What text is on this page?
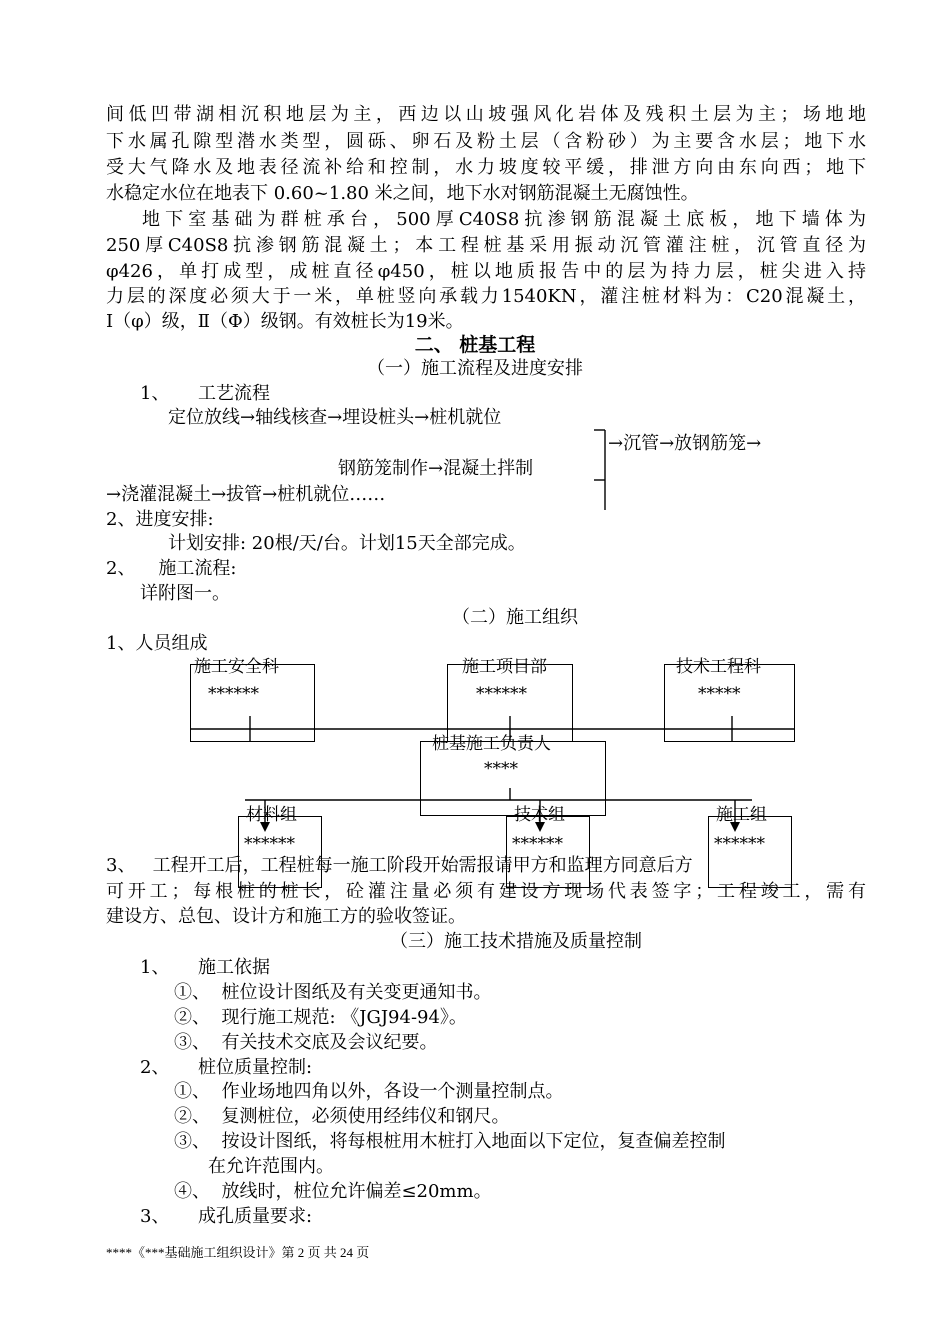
间低凹带湖相沉积地层为主，西边以山坡强风化岩体及残积土层为主；场地地
下水属孔隙型潜水类型，圆砾、卵石及粉土层（含粉砂）为主要含水层；地下水
受大气降水及地表径流补给和控制，水力坡度较平缓，排泄方向由东向西；地下
水稳定水位在地表下 0.60~1.80 米之间，地下水对钢筋混凝土无腐蚀性。
地下室基础为群桩承台，500厚C40S8抗渗钢筋混凝土底板，地下墙体为
250厚C40S8抗渗钢筋混凝土；本工程桩基采用振动沉管灌注桩，沉管直径为
φ426，单打成型，成桩直径φ450，桩以地质报告中的层为持力层，桩尖进入持
力层的深度必须大于一米，单桩竖向承载力1540KN，灌注桩材料为：C20混凝土，
Ⅰ（φ）级，Ⅱ（Φ）级钢。有效桩长为19米。
二、 桩基工程
（一）施工流程及进度安排
1、     工艺流程
定位放线→轴线核查→埋设桩头→桩机就位
→沉管→放钢筋笼→
钢筋笼制作→混凝土拌制
→浇灌混凝土→拔管→桩机就位……
2、进度安排:
计划安排: 20根/天/台。计划15天全部完成。
2、    施工流程:
详附图一。
（二）施工组织
1、人员组成
施工安全科
******
施工项目部
******
技术工程科
*****
桩基施工负责人
****
材料组
******
技术组
******
施工组
******
3、   工程开工后，工程桩每一施工阶段开始需报请甲方和监理方同意后方
可开工；每根桩的桩长，砼灌注量必须有建设方现场代表签字；工程竣工，需有
建设方、总包、设计方和施工方的验收签证。
（三）施工技术措施及质量控制
1、     施工依据
①、  桩位设计图纸及有关变更通知书。
②、  现行施工规范: 《JGJ94-94》。
③、  有关技术交底及会议纪要。
2、     桩位质量控制:
①、  作业场地四角以外，各设一个测量控制点。
②、  复测桩位，必须使用经纬仪和钢尺。
③、  按设计图纸，将每根桩用木桩打入地面以下定位，复查偏差控制
在允许范围内。
④、  放线时，桩位允许偏差≤20mm。
3、     成孔质量要求:
****《***基础施工组织设计》第 2 页 共 24 页
